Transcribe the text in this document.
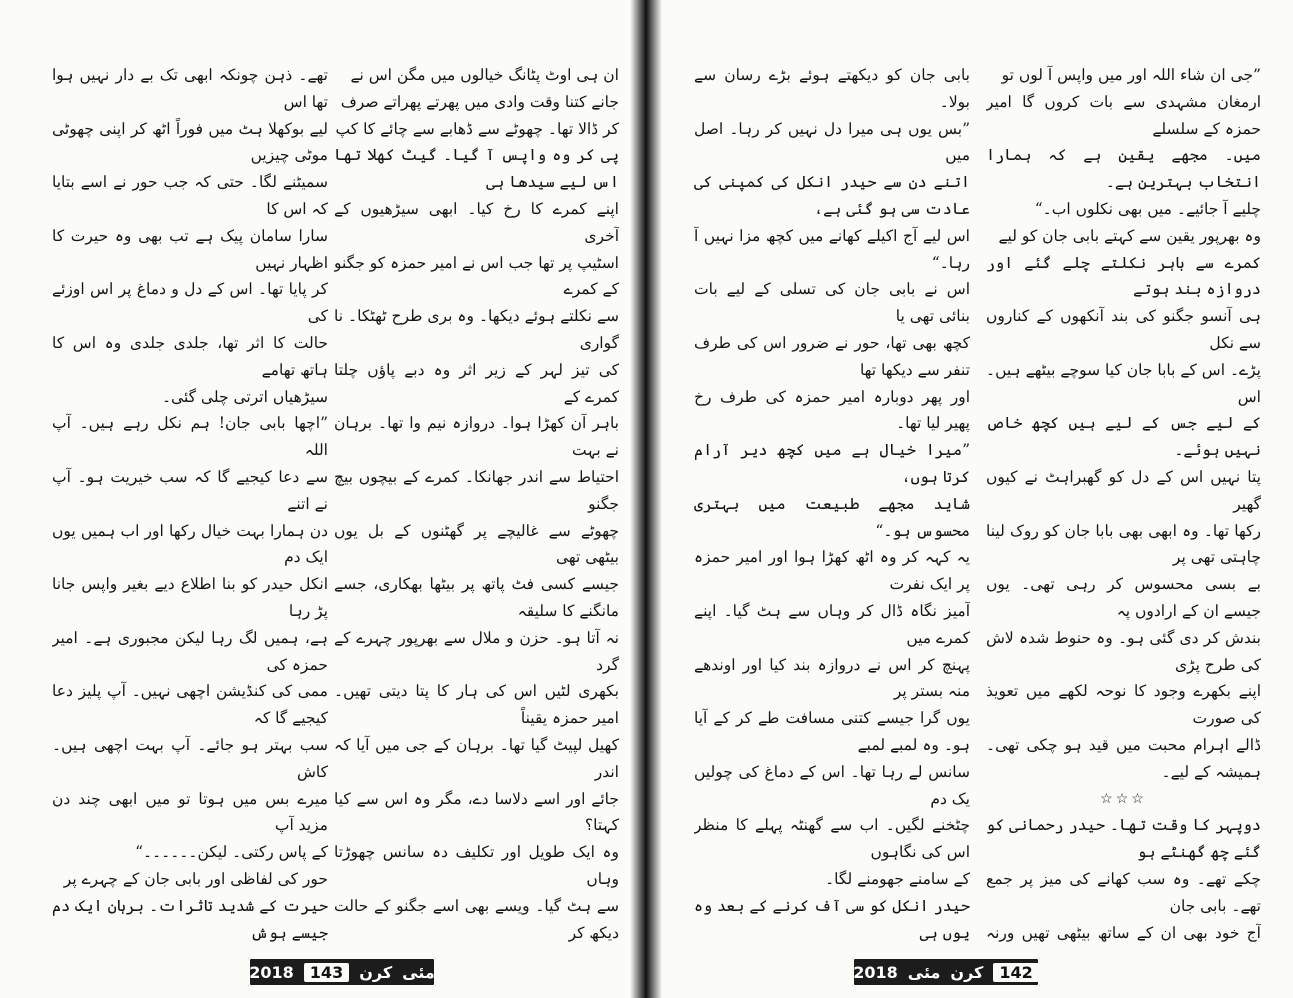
ان ہی اوٹ پٹانگ خیالوں میں مگن اس نے

جانے کتنا وقت وادی میں پھرتے پھراتے صرف

کر ڈالا تھا۔ چھوٹے سے ڈھابے سے چائے کا کپ

پی کر وہ واپس آ گیا۔ گیٹ کھلا تھا اس لیے سیدھا ہی

اپنے کمرے کا رخ کیا۔ ابھی سیڑھیوں کے آخری

اسٹیپ پر تھا جب اس نے امیر حمزہ کو جگنو کے کمرے

سے نکلتے ہوئے دیکھا۔ وہ بری طرح ٹھٹکا۔ نا گواری

کی تیز لہر کے زیر اثر وہ دبے پاؤں چلتا کمرے کے

باہر آن کھڑا ہوا۔ دروازہ نیم وا تھا۔ برہان نے بہت

احتیاط سے اندر جھانکا۔ کمرے کے بیچوں بیچ جگنو

چھوٹے سے غالیچے پر گھٹنوں کے بل یوں بیٹھی تھی

جیسے کسی فٹ پاتھ پر بیٹھا بھکاری، جسے مانگنے کا سلیقہ

نہ آتا ہو۔ حزن و ملال سے بھرپور چہرے کے گرد

بکھری لٹیں اس کی ہار کا پتا دیتی تھیں۔ امیر حمزہ یقیناً

کھیل لپیٹ گیا تھا۔ برہان کے جی میں آیا کہ اندر

جائے اور اسے دلاسا دے، مگر وہ اس سے کیا کہتا؟

وہ ایک طویل اور تکلیف دہ سانس چھوڑتا وہاں

سے ہٹ گیا۔ ویسے بھی اسے جگنو کے حالت دیکھ کر

تھے۔ ذہن چونکہ ابھی تک بے دار نہیں ہوا تھا اس

لیے بوکھلا ہٹ میں فوراً اٹھ کر اپنی چھوٹی موٹی چیزیں

سمیٹنے لگا۔ حتی کہ جب حور نے اسے بتایا کہ اس کا

سارا سامان پیک ہے تب بھی وہ حیرت کا اظہار نہیں

کر پایا تھا۔ اس کے دل و دماغ پر اس اوزئے کی

حالت کا اثر تھا، جلدی جلدی وہ اس کا ہاتھ تھامے

سیڑھیاں اترتی چلی گئی۔

”اچھا بابی جان! ہم نکل رہے ہیں۔ آپ اللہ

سے دعا کیجیے گا کہ سب خیریت ہو۔ آپ نے اتنے

دن ہمارا بہت خیال رکھا اور اب ہمیں یوں ایک دم

انکل حیدر کو بنا اطلاع دیے بغیر واپس جانا پڑ رہا

ہے، ہمیں لگ رہا لیکن مجبوری ہے۔ امیر حمزہ کی

ممی کی کنڈیشن اچھی نہیں۔ آپ پلیز دعا کیجیے گا کہ

سب بہتر ہو جائے۔ آپ بہت اچھی ہیں۔ کاش

میرے بس میں ہوتا تو میں ابھی چند دن مزید آپ

کے پاس رکتی۔ لیکن۔۔۔۔۔۔“

حور کی لفاظی اور بابی جان کے چہرے پر

حیرت کے شدید تاثرات۔ برہان ایک دم جیسے ہوش

”جی ان شاء اللہ اور میں واپس آ لوں تو

ارمغان مشہدی سے بات کروں گا امیر حمزہ کے سلسلے

میں۔ مجھے یقین ہے کہ ہمارا انتخاب بہترین ہے۔

چلیے آ جائیے۔ میں بھی نکلوں اب۔“

وہ بھرپور یقین سے کہتے بابی جان کو لیے

کمرے سے باہر نکلتے چلے گئے اور دروازہ بند ہوتے

ہی آنسو جگنو کی بند آنکھوں کے کناروں سے نکل

پڑے۔ اس کے بابا جان کیا سوچے بیٹھے ہیں۔ اس

کے لیے جس کے لیے ہیں کچھ خاص نہیں ہوئے۔

پتا نہیں اس کے دل کو گھبراہٹ نے کیوں گھیر

رکھا تھا۔ وہ ابھی بھی بابا جان کو روک لینا چاہتی تھی پر

بے بسی محسوس کر رہی تھی۔ یوں جیسے ان کے ارادوں پہ

بندش کر دی گئی ہو۔ وہ حنوط شدہ لاش کی طرح پڑی

اپنے بکھرے وجود کا نوحہ لکھے میں تعویذ کی صورت

ڈالے اہرام محبت میں قید ہو چکی تھی۔ ہمیشہ کے لیے۔

☆☆☆

دوپہر کا وقت تھا۔ حیدر رحمانی کو گئے چھ گھنٹے ہو

چکے تھے۔ وہ سب کھانے کی میز پر جمع تھے۔ بابی جان

آج خود بھی ان کے ساتھ بیٹھی تھیں ورنہ

بابی جان کو دیکھتے ہوئے بڑے رسان سے بولا۔

”بس یوں ہی میرا دل نہیں کر رہا۔ اصل میں

اتنے دن سے حیدر انکل کی کمپنی کی عادت سی ہو گئی ہے،

اس لیے آج اکیلے کھانے میں کچھ مزا نہیں آ رہا۔“

اس نے بابی جان کی تسلی کے لیے بات بنائی تھی یا

کچھ بھی تھا، حور نے ضرور اس کی طرف تنفر سے دیکھا تھا

اور پھر دوبارہ امیر حمزہ کی طرف رخ پھیر لیا تھا۔

”میرا خیال ہے میں کچھ دیر آرام کرتا ہوں،

شاید مجھے طبیعت میں بہتری محسوس ہو۔“

یہ کہہ کر وہ اٹھ کھڑا ہوا اور امیر حمزہ پر ایک نفرت

آمیز نگاہ ڈال کر وہاں سے ہٹ گیا۔ اپنے کمرے میں

پہنچ کر اس نے دروازہ بند کیا اور اوندھے منہ بستر پر

یوں گرا جیسے کتنی مسافت طے کر کے آیا ہو۔ وہ لمبے لمبے

سانس لے رہا تھا۔ اس کے دماغ کی چولیں یک دم

چٹخنے لگیں۔ اب سے گھنٹہ پہلے کا منظر اس کی نگاہوں

کے سامنے جھومنے لگا۔

حیدر انکل کو سی آف کرنے کے بعد وہ یوں ہی

2018	143	کرن مئی	2018 مئی کرن	142
